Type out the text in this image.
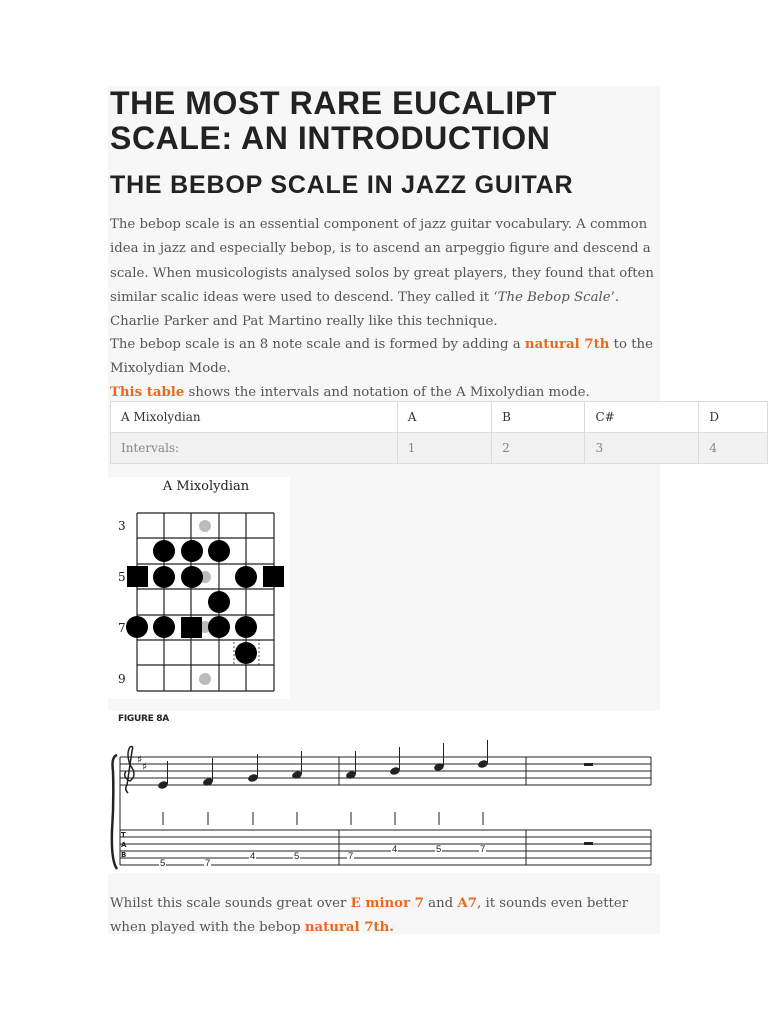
THE MOST RARE EUCALIPT SCALE: AN INTRODUCTION
THE BEBOP SCALE IN JAZZ GUITAR
The bebop scale is an essential component of jazz guitar vocabulary. A common idea in jazz and especially bebop, is to ascend an arpeggio figure and descend a scale. When musicologists analysed solos by great players, they found that often similar scalic ideas were used to descend. They called it ‘The Bebop Scale’. Charlie Parker and Pat Martino really like this technique.
The bebop scale is an 8 note scale and is formed by adding a natural 7th to the Mixolydian Mode.
This table shows the intervals and notation of the A Mixolydian mode.
A Mixolydian	A	B	C#	D
Intervals:	1	2	3	4
A Mixolydian
3
5
7
9
FIGURE 8A
♯
♯
T
A
B
5	7
4	5	7
4	5	7
Whilst this scale sounds great over E minor 7 and A7, it sounds even better when played with the bebop natural 7th.
